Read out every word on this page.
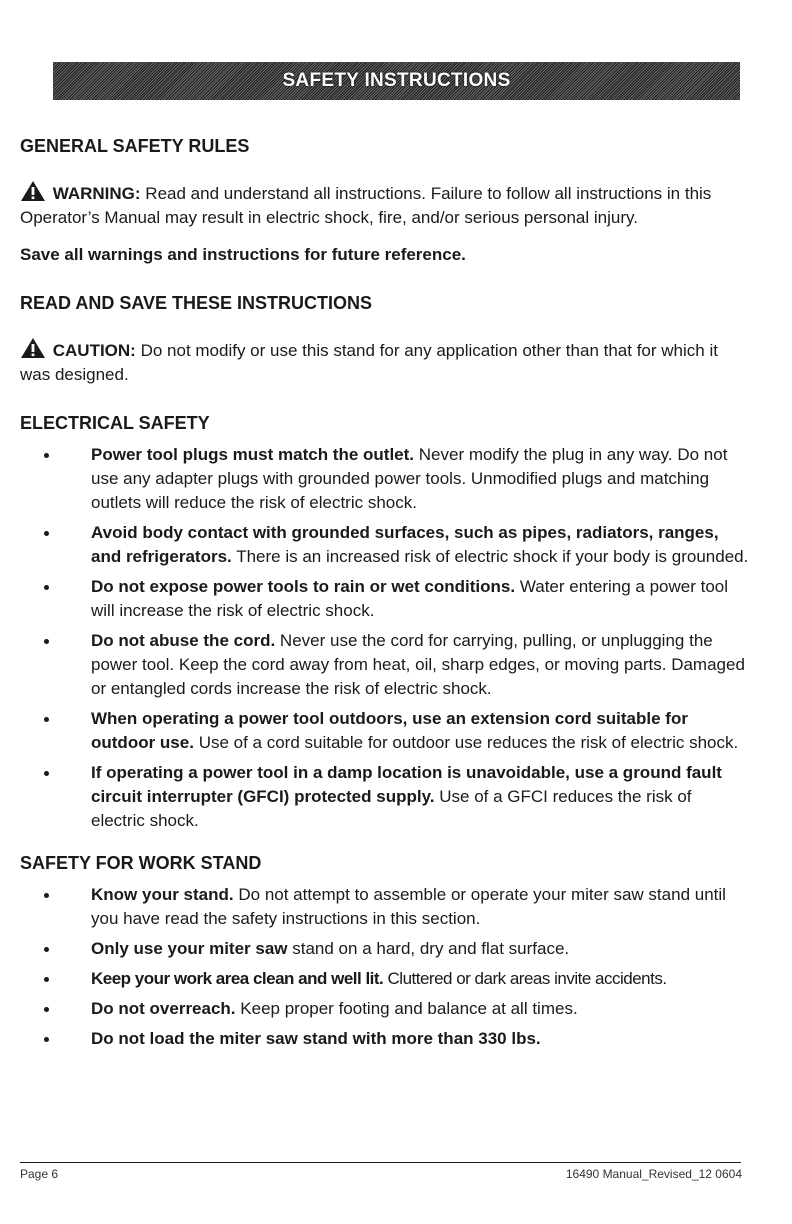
SAFETY INSTRUCTIONS
GENERAL SAFETY RULES

WARNING: Read and understand all instructions. Failure to follow all instructions in this Operator’s Manual may result in electric shock, fire, and/or serious personal injury.

Save all warnings and instructions for future reference.

READ AND SAVE THESE INSTRUCTIONS

CAUTION: Do not modify or use this stand for any application other than that for which it was designed.

ELECTRICAL SAFETY
Power tool plugs must match the outlet. Never modify the plug in any way. Do not use any adapter plugs with grounded power tools. Unmodified plugs and matching outlets will reduce the risk of electric shock.
Avoid body contact with grounded surfaces, such as pipes, radiators, ranges, and refrigerators. There is an increased risk of electric shock if your body is grounded.
Do not expose power tools to rain or wet conditions. Water entering a power tool will increase the risk of electric shock.
Do not abuse the cord. Never use the cord for carrying, pulling, or unplugging the power tool. Keep the cord away from heat, oil, sharp edges, or moving parts. Damaged or entangled cords increase the risk of electric shock.
When operating a power tool outdoors, use an extension cord suitable for outdoor use. Use of a cord suitable for outdoor use reduces the risk of electric shock.
If operating a power tool in a damp location is unavoidable, use a ground fault circuit interrupter (GFCI) protected supply. Use of a GFCI reduces the risk of electric shock.
SAFETY FOR WORK STAND
Know your stand. Do not attempt to assemble or operate your miter saw stand until you have read the safety instructions in this section.
Only use your miter saw stand on a hard, dry and flat surface.
Keep your work area clean and well lit. Cluttered or dark areas invite accidents.
Do not overreach. Keep proper footing and balance at all times.
Do not load the miter saw stand with more than 330 lbs.
Page 6	16490 Manual_Revised_12 0604
